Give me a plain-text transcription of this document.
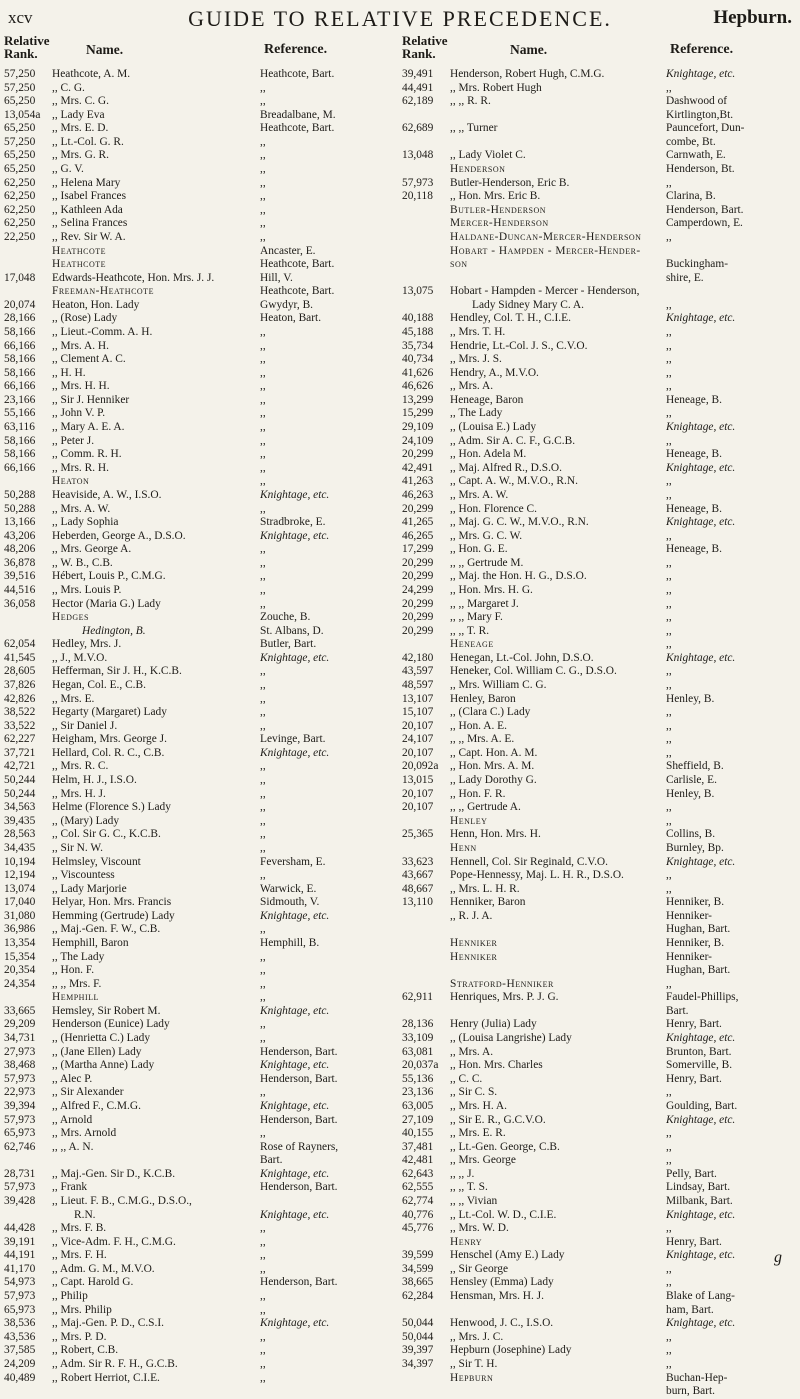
xcv	GUIDE TO RELATIVE PRECEDENCE.	Hepburn.
Relative
Rank.	Name.	Reference.
57,250	Heathcote, A. M.	Heathcote, Bart.
57,250	,, C. G.	,,
65,250	,, Mrs. C. G.	,,
13,054a	,, Lady Eva	Breadalbane, M.
65,250	,, Mrs. E. D.	Heathcote, Bart.
57,250	,, Lt.-Col. G. R.	,,
65,250	,, Mrs. G. R.	,,
65,250	,, G. V.	,,
62,250	,, Helena Mary	,,
62,250	,, Isabel Frances	,,
62,250	,, Kathleen Ada	,,
62,250	,, Selina Frances	,,
22,250	,, Rev. Sir W. A.	,,
Heathcote	Ancaster, E.
Heathcote	Heathcote, Bart.
17,048	Edwards-Heathcote, Hon. Mrs. J. J.	Hill, V.
Freeman-Heathcote	Heathcote, Bart.
20,074	Heaton, Hon. Lady	Gwydyr, B.
28,166	,, (Rose) Lady	Heaton, Bart.
58,166	,, Lieut.-Comm. A. H.	,,
66,166	,, Mrs. A. H.	,,
58,166	,, Clement A. C.	,,
58,166	,, H. H.	,,
66,166	,, Mrs. H. H.	,,
23,166	,, Sir J. Henniker	,,
55,166	,, John V. P.	,,
63,116	,, Mary A. E. A.	,,
58,166	,, Peter J.	,,
58,166	,, Comm. R. H.	,,
66,166	,, Mrs. R. H.	,,
Heaton	,,
50,288	Heaviside, A. W., I.S.O.	Knightage, etc.
50,288	,, Mrs. A. W.	,,
13,166	,, Lady Sophia	Stradbroke, E.
43,206	Heberden, George A., D.S.O.	Knightage, etc.
48,206	,, Mrs. George A.	,,
36,878	,, W. B., C.B.	,,
39,516	Hébert, Louis P., C.M.G.	,,
44,516	,, Mrs. Louis P.	,,
36,058	Hector (Maria G.) Lady	,,
Hedges	Zouche, B.
Hedington, B.	St. Albans, D.
62,054	Hedley, Mrs. J.	Butler, Bart.
41,545	,, J., M.V.O.	Knightage, etc.
28,605	Hefferman, Sir J. H., K.C.B.	,,
37,826	Hegan, Col. E., C.B.	,,
42,826	,, Mrs. E.	,,
38,522	Hegarty (Margaret) Lady	,,
33,522	,, Sir Daniel J.	,,
62,227	Heigham, Mrs. George J.	Levinge, Bart.
37,721	Hellard, Col. R. C., C.B.	Knightage, etc.
42,721	,, Mrs. R. C.	,,
50,244	Helm, H. J., I.S.O.	,,
50,244	,, Mrs. H. J.	,,
34,563	Helme (Florence S.) Lady	,,
39,435	,, (Mary) Lady	,,
28,563	,, Col. Sir G. C., K.C.B.	,,
34,435	,, Sir N. W.	,,
10,194	Helmsley, Viscount	Feversham, E.
12,194	,, Viscountess	,,
13,074	,, Lady Marjorie	Warwick, E.
17,040	Helyar, Hon. Mrs. Francis	Sidmouth, V.
31,080	Hemming (Gertrude) Lady	Knightage, etc.
36,986	,, Maj.-Gen. F. W., C.B.	,,
13,354	Hemphill, Baron	Hemphill, B.
15,354	,, The Lady	,,
20,354	,, Hon. F.	,,
24,354	,, ,, Mrs. F.	,,
Hemphill	,,
33,665	Hemsley, Sir Robert M.	Knightage, etc.
29,209	Henderson (Eunice) Lady	,,
34,731	,, (Henrietta C.) Lady	,,
27,973	,, (Jane Ellen) Lady	Henderson, Bart.
38,468	,, (Martha Anne) Lady	Knightage, etc.
57,973	,, Alec P.	Henderson, Bart.
22,973	,, Sir Alexander	,,
39,394	,, Alfred F., C.M.G.	Knightage, etc.
57,973	,, Arnold	Henderson, Bart.
65,973	,, Mrs. Arnold	,,
62,746	,, ,, A. N.	Rose of Rayners,
Bart.
28,731	,, Maj.-Gen. Sir D., K.C.B.	Knightage, etc.
57,973	,, Frank	Henderson, Bart.
39,428	,, Lieut. F. B., C.M.G., D.S.O.,
R.N.	Knightage, etc.
44,428	,, Mrs. F. B.	,,
39,191	,, Vice-Adm. F. H., C.M.G.	,,
44,191	,, Mrs. F. H.	,,
41,170	,, Adm. G. M., M.V.O.	,,
54,973	,, Capt. Harold G.	Henderson, Bart.
57,973	,, Philip	,,
65,973	,, Mrs. Philip	,,
38,536	,, Maj.-Gen. P. D., C.S.I.	Knightage, etc.
43,536	,, Mrs. P. D.	,,
37,585	,, Robert, C.B.	,,
24,209	,, Adm. Sir R. F. H., G.C.B.	,,
40,489	,, Robert Herriot, C.I.E.	,,
Relative
Rank.	Name.	Reference.
39,491	Henderson, Robert Hugh, C.M.G.	Knightage, etc.
44,491	,, Mrs. Robert Hugh	,,
62,189	,, ,, R. R.	Dashwood of
Kirtlington,Bt.
62,689	,, ,, Turner	Pauncefort, Dun-
combe, Bt.
13,048	,, Lady Violet C.	Carnwath, E.
Henderson	Henderson, Bt.
57,973	Butler-Henderson, Eric B.	,,
20,118	,, Hon. Mrs. Eric B.	Clarina, B.
Butler-Henderson	Henderson, Bart.
Mercer-Henderson	Camperdown, E.
Haldane-Duncan-Mercer-Henderson	,,
Hobart - Hampden - Mercer-Hender-
son	Buckingham-
shire, E.
13,075	Hobart - Hampden - Mercer - Henderson,
Lady Sidney Mary C. A.	,,
40,188	Hendley, Col. T. H., C.I.E.	Knightage, etc.
45,188	,, Mrs. T. H.	,,
35,734	Hendrie, Lt.-Col. J. S., C.V.O.	,,
40,734	,, Mrs. J. S.	,,
41,626	Hendry, A., M.V.O.	,,
46,626	,, Mrs. A.	,,
13,299	Heneage, Baron	Heneage, B.
15,299	,, The Lady	,,
29,109	,, (Louisa E.) Lady	Knightage, etc.
24,109	,, Adm. Sir A. C. F., G.C.B.	,,
20,299	,, Hon. Adela M.	Heneage, B.
42,491	,, Maj. Alfred R., D.S.O.	Knightage, etc.
41,263	,, Capt. A. W., M.V.O., R.N.	,,
46,263	,, Mrs. A. W.	,,
20,299	,, Hon. Florence C.	Heneage, B.
41,265	,, Maj. G. C. W., M.V.O., R.N.	Knightage, etc.
46,265	,, Mrs. G. C. W.	,,
17,299	,, Hon. G. E.	Heneage, B.
20,299	,, ,, Gertrude M.	,,
20,299	,, Maj. the Hon. H. G., D.S.O.	,,
24,299	,, Hon. Mrs. H. G.	,,
20,299	,, ,, Margaret J.	,,
20,299	,, ,, Mary F.	,,
20,299	,, ,, T. R.	,,
Heneage	,,
42,180	Henegan, Lt.-Col. John, D.S.O.	Knightage, etc.
43,597	Heneker, Col. William C. G., D.S.O.	,,
48,597	,, Mrs. William C. G.	,,
13,107	Henley, Baron	Henley, B.
15,107	,, (Clara C.) Lady	,,
20,107	,, Hon. A. E.	,,
24,107	,, ,, Mrs. A. E.	,,
20,107	,, Capt. Hon. A. M.	,,
20,092a	,, Hon. Mrs. A. M.	Sheffield, B.
13,015	,, Lady Dorothy G.	Carlisle, E.
20,107	,, Hon. F. R.	Henley, B.
20,107	,, ,, Gertrude A.	,,
Henley	,,
25,365	Henn, Hon. Mrs. H.	Collins, B.
Henn	Burnley, Bp.
33,623	Hennell, Col. Sir Reginald, C.V.O.	Knightage, etc.
43,667	Pope-Hennessy, Maj. L. H. R., D.S.O.	,,
48,667	,, Mrs. L. H. R.	,,
13,110	Henniker, Baron	Henniker, B.
,, R. J. A.	Henniker-
Hughan, Bart.
Henniker	Henniker, B.
Henniker	Henniker-
Hughan, Bart.
Stratford-Henniker	,,
62,911	Henriques, Mrs. P. J. G.	Faudel-Phillips,
Bart.
28,136	Henry (Julia) Lady	Henry, Bart.
33,109	,, (Louisa Langrishe) Lady	Knightage, etc.
63,081	,, Mrs. A.	Brunton, Bart.
20,037a	,, Hon. Mrs. Charles	Somerville, B.
55,136	,, C. C.	Henry, Bart.
23,136	,, Sir C. S.	,,
63,005	,, Mrs. H. A.	Goulding, Bart.
27,109	,, Sir E. R., G.C.V.O.	Knightage, etc.
40,155	,, Mrs. E. R.	,,
37,481	,, Lt.-Gen. George, C.B.	,,
42,481	,, Mrs. George	,,
62,643	,, ,, J.	Pelly, Bart.
62,555	,, ,, T. S.	Lindsay, Bart.
62,774	,, ,, Vivian	Milbank, Bart.
40,776	,, Lt.-Col. W. D., C.I.E.	Knightage, etc.
45,776	,, Mrs. W. D.	,,
Henry	Henry, Bart.
39,599	Henschel (Amy E.) Lady	Knightage, etc.
34,599	,, Sir George	,,
38,665	Hensley (Emma) Lady	,,
62,284	Hensman, Mrs. H. J.	Blake of Lang-
ham, Bart.
50,044	Henwood, J. C., I.S.O.	Knightage, etc.
50,044	,, Mrs. J. C.	,,
39,397	Hepburn (Josephine) Lady	,,
34,397	,, Sir T. H.	,,
Hepburn	Buchan-Hep-
burn, Bart.
g
